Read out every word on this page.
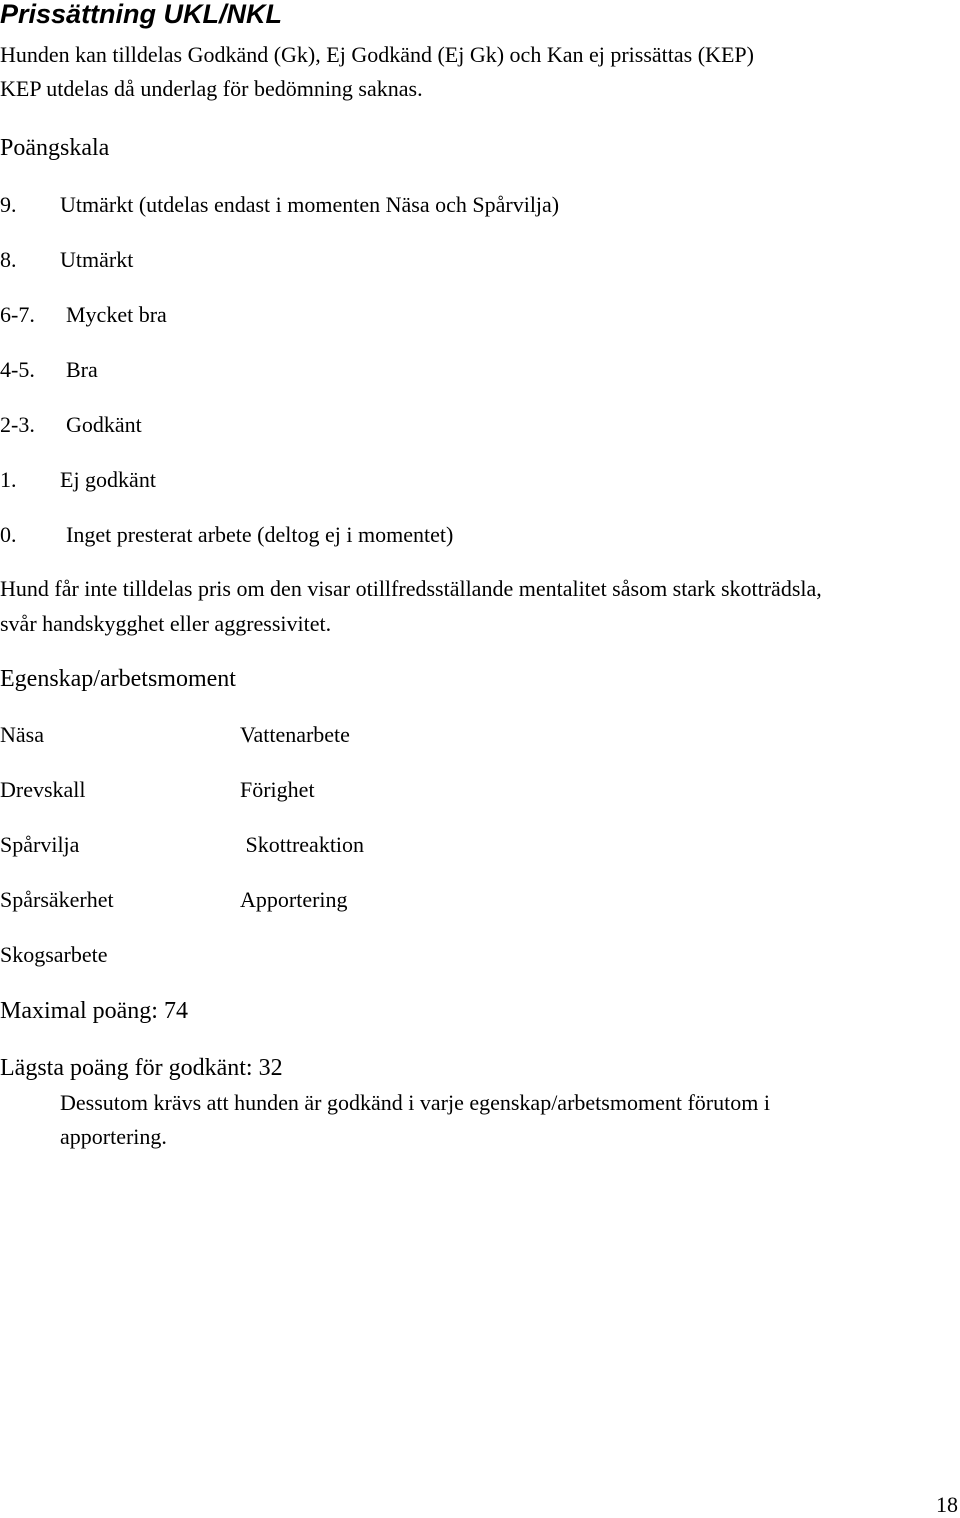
Prissättning UKL/NKL
Hunden kan tilldelas Godkänd (Gk), Ej Godkänd (Ej Gk) och Kan ej prissättas (KEP)
KEP utdelas då underlag för bedömning saknas.
Poängskala
9. Utmärkt (utdelas endast i momenten Näsa och Spårvilja)
8. Utmärkt
6-7. Mycket bra
4-5. Bra
2-3. Godkänt
1. Ej godkänt
0. Inget presterat arbete (deltog ej i momentet)
Hund får inte tilldelas pris om den visar otillfredsställande mentalitet såsom stark skotträdsla,
svår handskygghet eller aggressivitet.
Egenskap/arbetsmoment
Näsa
Drevskall
Spårvilja
Spårsäkerhet
Skogsarbete
Vattenarbete
Förighet
Skottreaktion
Apportering
Maximal poäng: 74
Lägsta poäng för godkänt: 32
Dessutom krävs att hunden är godkänd i varje egenskap/arbetsmoment förutom i
apportering.
18
